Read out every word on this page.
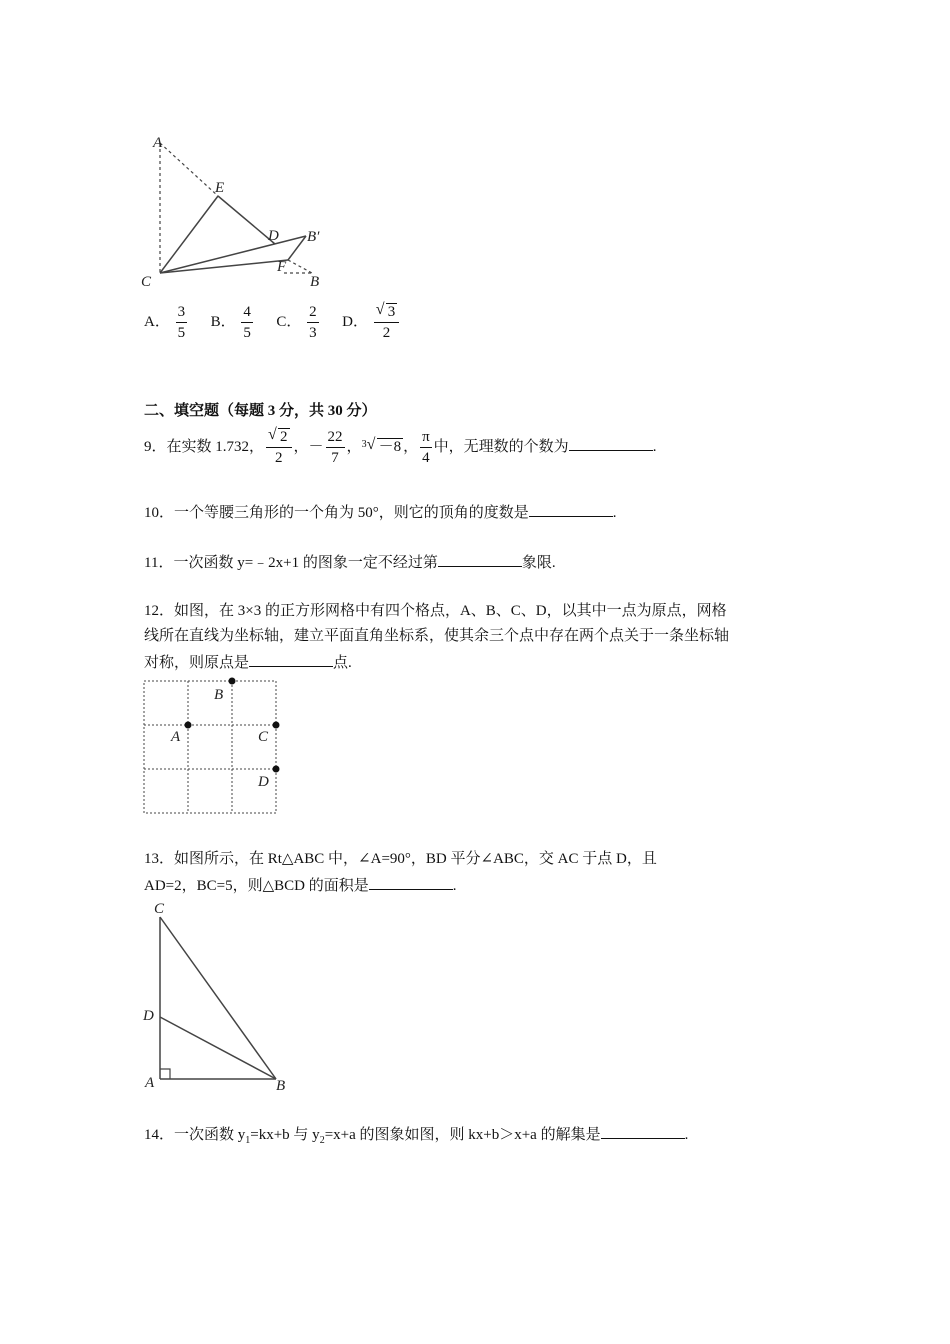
A
E
D B′
F
C	B
A． $\frac{3}{5}$ B． $\frac{4}{5}$ C． $\frac{2}{3}$ D． $\frac{√ 3}{2}$
二、填空题（每题 3 分，共 30 分）
9．在实数 1.732， $\frac{√ 2}{2}$ ，－ $\frac{22}{7}$ ，$^3$ √ －8 ， $\frac{\pi}{4}$ 中，无理数的个数为	.
10．一个等腰三角形的一个角为 50°，则它的顶角的度数是	.
11．一次函数 y=﹣2x+1 的图象一定不经过第	象限.
12．如图，在 3×3 的正方形网格中有四个格点，A、B、C、D，以其中一点为原点，网格
线所在直线为坐标轴，建立平面直角坐标系，使其余三个点中存在两个点关于一条坐标轴
对称，则原点是	点.
B
A	C
D
13．如图所示，在 Rt△ABC 中，∠A=90°，BD 平分∠ABC，交 AC 于点 D，且
AD=2，BC=5，则△BCD 的面积是	.
C
D
A	B
14．一次函数 $y_1=kx+b$ 与 $y_2=x+a$ 的图象如图，则 kx+b＞x+a 的解集是	.
